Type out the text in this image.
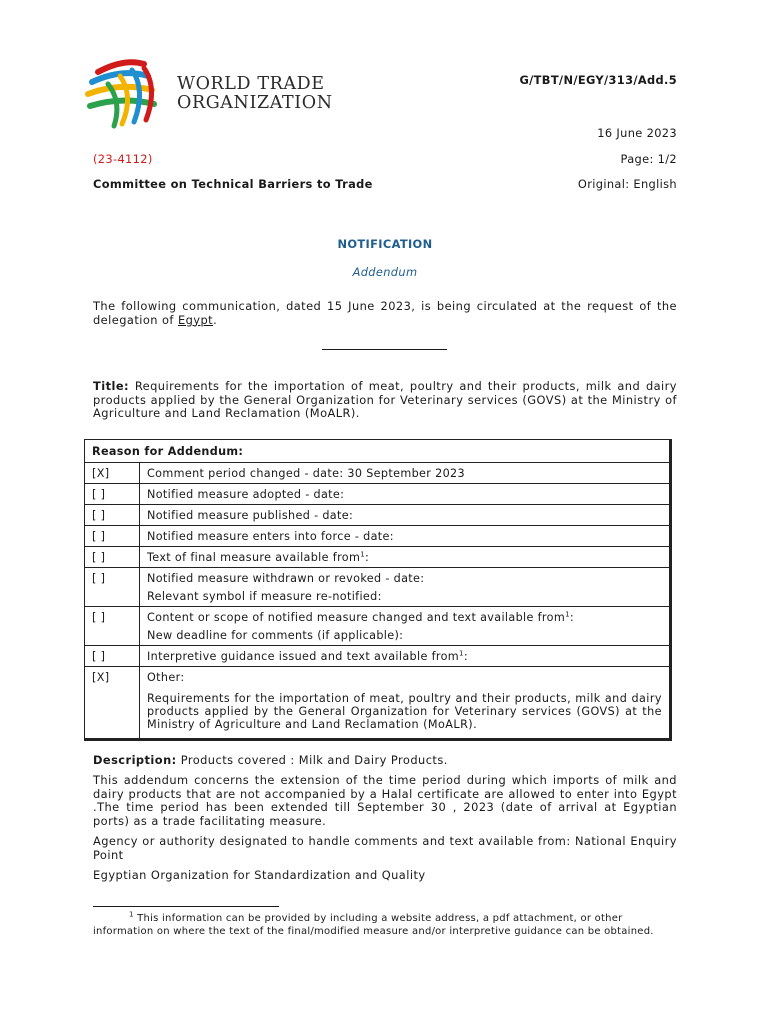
WORLD TRADE
ORGANIZATION
G/TBT/N/EGY/313/Add.5
16 June 2023
(23-4112)	Page: 1/2
Committee on Technical Barriers to Trade	Original: English
NOTIFICATION
Addendum
The following communication, dated 15 June 2023, is being circulated at the request of the delegation of Egypt.
Title: Requirements for the importation of meat, poultry and their products, milk and dairy products applied by the General Organization for Veterinary services (GOVS) at the Ministry of Agriculture and Land Reclamation (MoALR).
Reason for Addendum:	
[X]	Comment period changed - date: 30 September 2023
[ ]	Notified measure adopted - date:
[ ]	Notified measure published - date:
[ ]	Notified measure enters into force - date:
[ ]	Text of final measure available from$^1$:
[ ]	Notified measure withdrawn or revoked - date:
Relevant symbol if measure re-notified:

[ ]	Content or scope of notified measure changed and text available from$^1$:
New deadline for comments (if applicable):

[ ]	Interpretive guidance issued and text available from$^1$:
[X]	Other:
Requirements for the importation of meat, poultry and their products, milk and dairy products applied by the General Organization for Veterinary services (GOVS) at the Ministry of Agriculture and Land Reclamation (MoALR).
Description: Products covered : Milk and Dairy Products.
This addendum concerns the extension of the time period during which imports of milk and dairy products that are not accompanied by a Halal certificate are allowed to enter into Egypt .The time period has been extended till September 30 , 2023 (date of arrival at Egyptian ports) as a trade facilitating measure.
Agency or authority designated to handle comments and text available from: National Enquiry Point
Egyptian Organization for Standardization and Quality
$^1$ This information can be provided by including a website address, a pdf attachment, or other information on where the text of the final/modified measure and/or interpretive guidance can be obtained.
